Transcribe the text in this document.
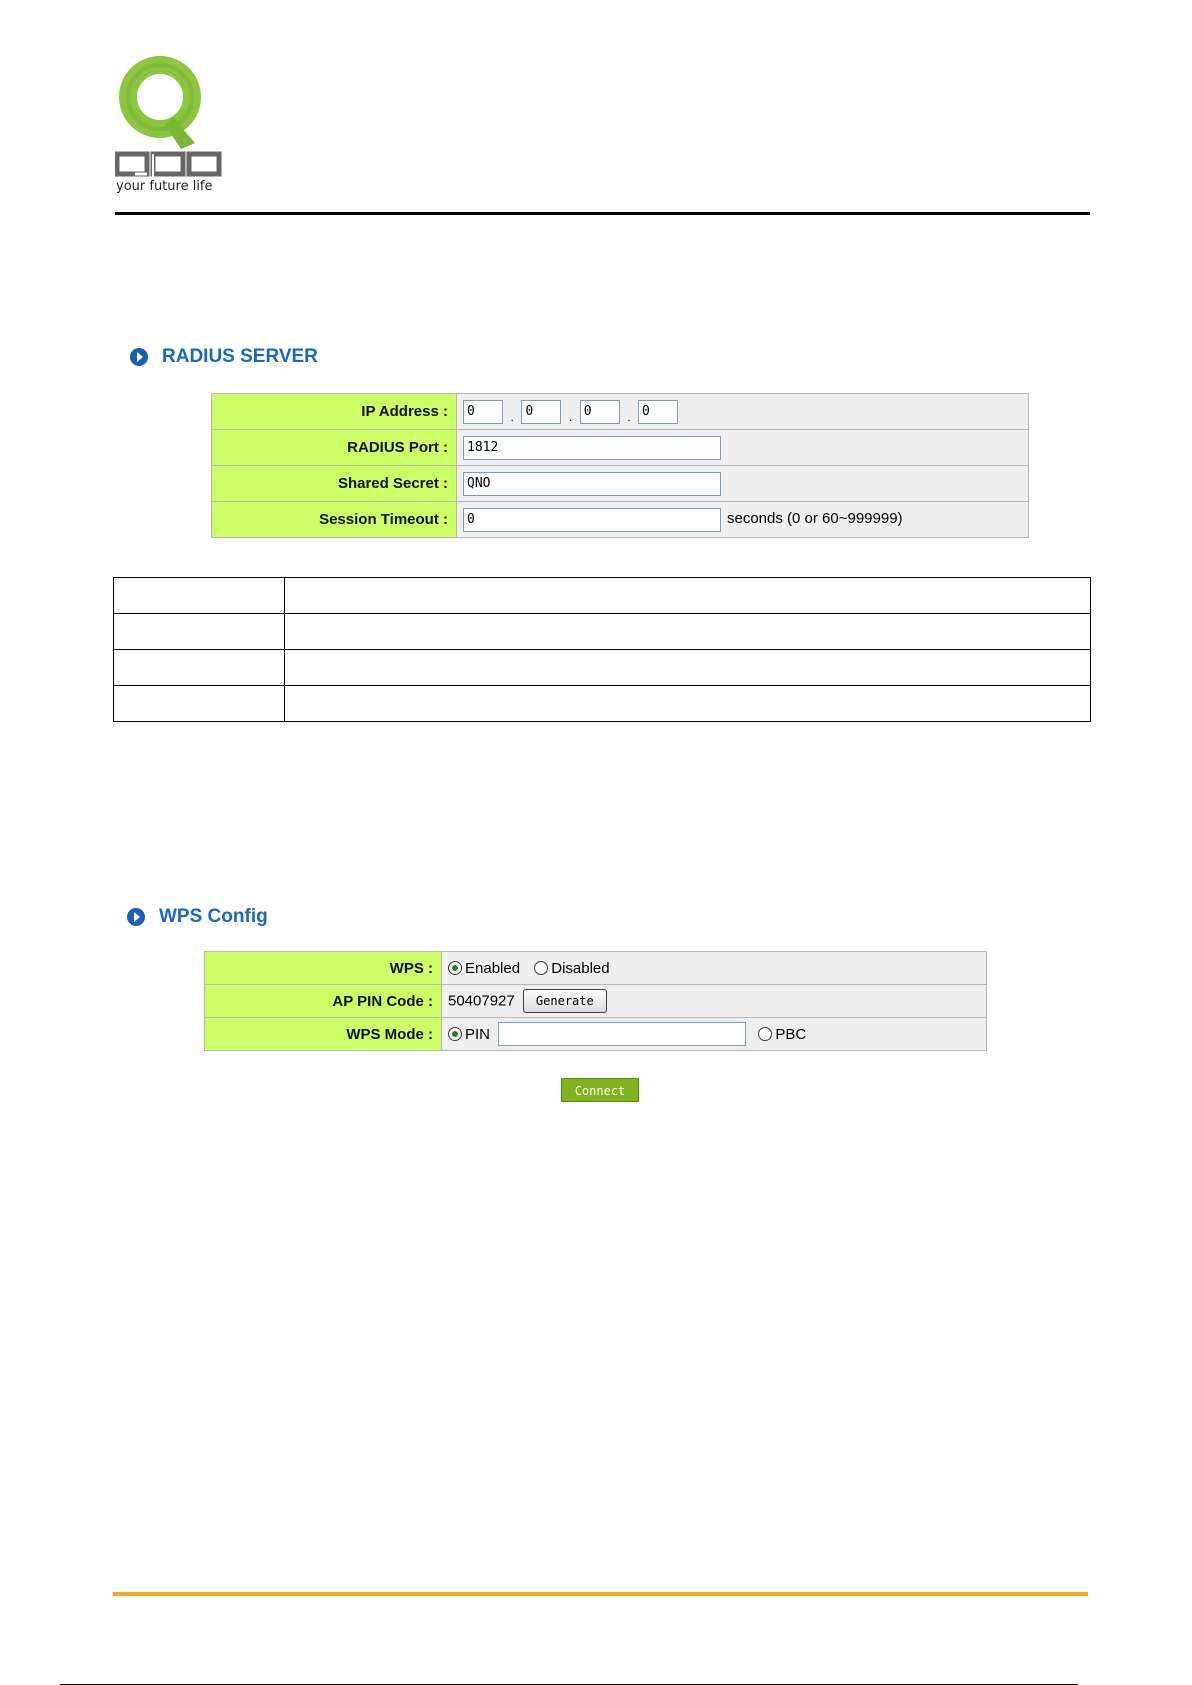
your future life
RADIUS SERVER
IP Address :	0. 0 . 0 . 0
RADIUS Port :	1812
Shared Secret :	QNO
Session Timeout :	0seconds (0 or 60~999999)

WPS Config
WPS :	Enabled Disabled
AP PIN Code :	50407927 Generate
WPS Mode :	PIN PBC
Connect
